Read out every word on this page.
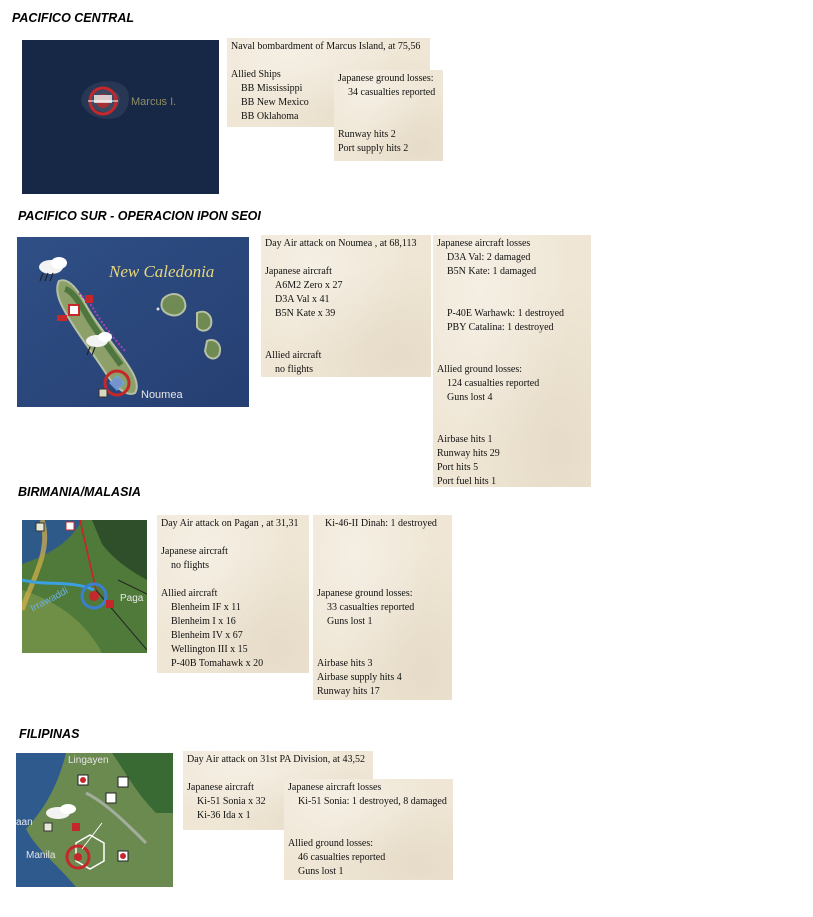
PACIFICO CENTRAL
Marcus I.
Naval bombardment of Marcus Island, at 75,56
Allied Ships
BB Mississippi
BB New Mexico
BB Oklahoma
Japanese ground losses:
34 casualties reported
Runway hits 2
Port supply hits 2
PACIFICO SUR - OPERACION IPON SEOI
New Caledonia
Noumea
Day Air attack on Noumea , at 68,113
Japanese aircraft
A6M2 Zero x 27
D3A Val x 41
B5N Kate x 39
Allied aircraft
no flights
Japanese aircraft losses
D3A Val: 2 damaged
B5N Kate: 1 damaged
P-40E Warhawk: 1 destroyed
PBY Catalina: 1 destroyed
Allied ground losses:
124 casualties reported
Guns lost 4
Airbase hits 1
Runway hits 29
Port hits 5
Port fuel hits 1
BIRMANIA/MALASIA
Irrawaddi	Paga
Day Air attack on Pagan , at 31,31
Japanese aircraft
no flights
Allied aircraft
Blenheim IF x 11
Blenheim I x 16
Blenheim IV x 67
Wellington III x 15
P-40B Tomahawk x 20
Ki-46-II Dinah: 1 destroyed
Japanese ground losses:
33 casualties reported
Guns lost 1
Airbase hits 3
Airbase supply hits 4
Runway hits 17
FILIPINAS
Lingayen
aan
Manila
Day Air attack on 31st PA Division, at 43,52
Japanese aircraft
Ki-51 Sonia x 32
Ki-36 Ida x 1
Japanese aircraft losses
Ki-51 Sonia: 1 destroyed, 8 damaged
Allied ground losses:
46 casualties reported
Guns lost 1
